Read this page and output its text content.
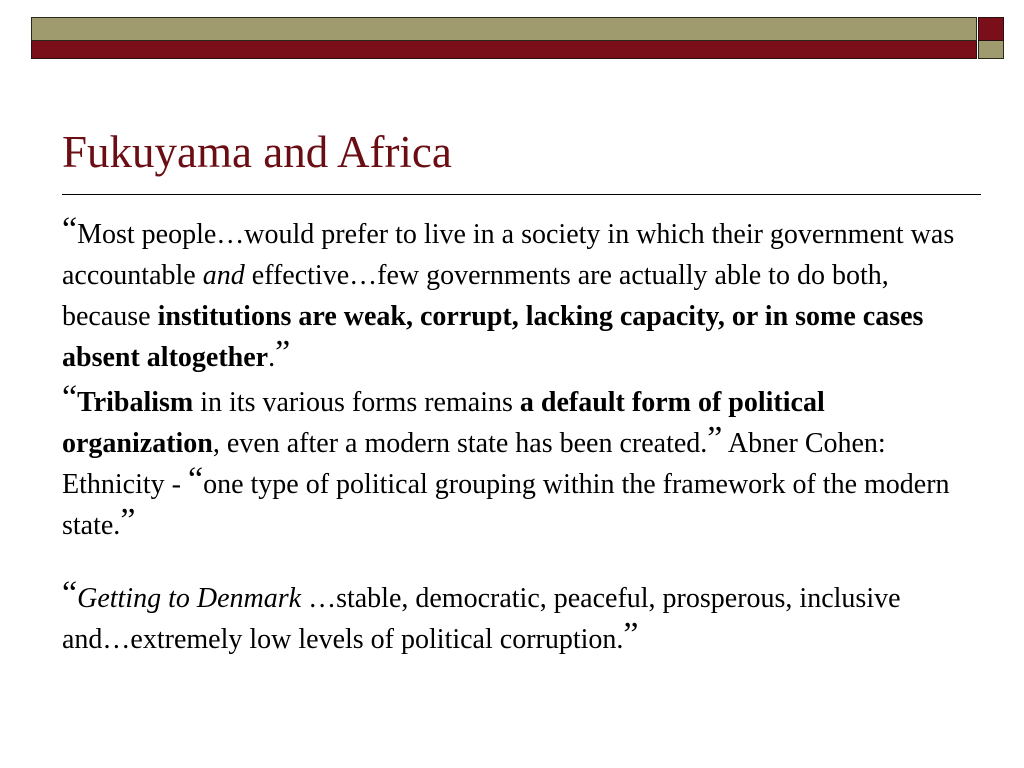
Fukuyama and Africa

“Most people…would prefer to live in a society in which their government was accountable and effective…few governments are actually able to do both, because institutions are weak, corrupt, lacking capacity, or in some cases absent altogether.”

“Tribalism in its various forms remains a default form of political organization, even after a modern state has been created.” Abner Cohen: Ethnicity - “one type of political grouping within the framework of the modern state.”

“Getting to Denmark …stable, democratic, peaceful, prosperous, inclusive and…extremely low levels of political corruption.”
